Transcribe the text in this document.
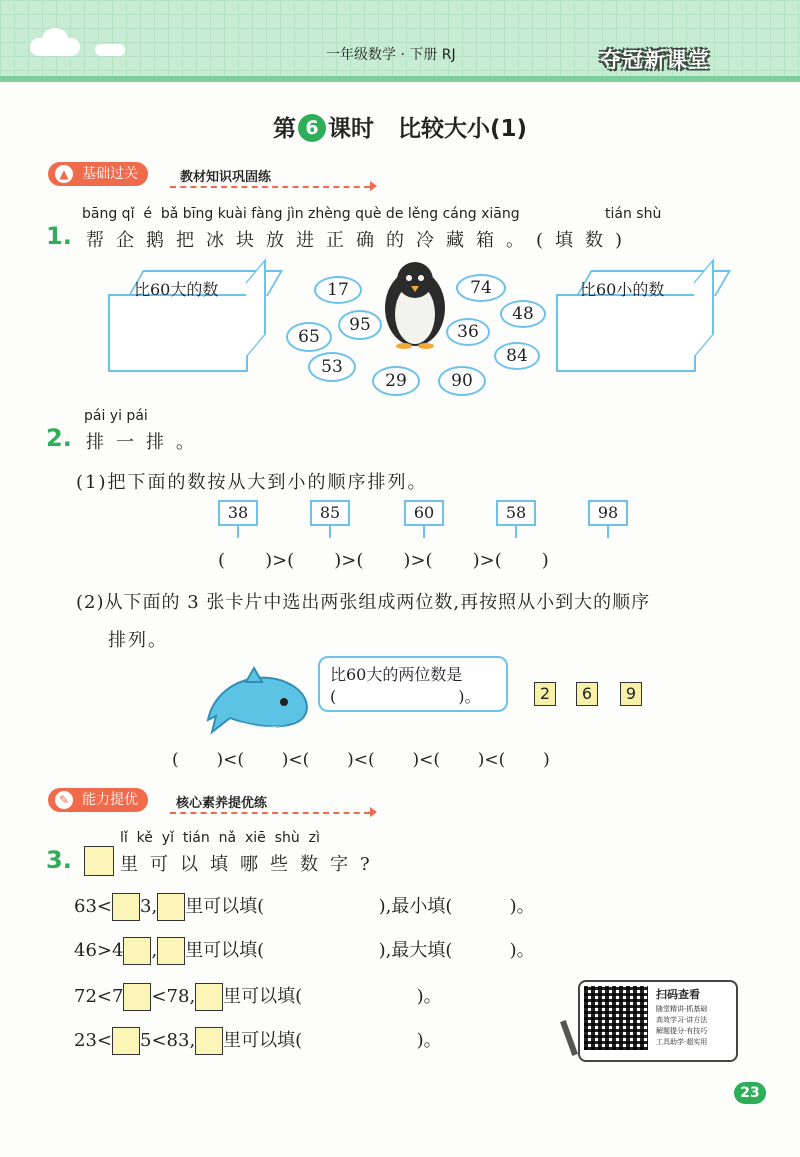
一年级数学 · 下册 RJ	夺冠新课堂
第 6 课时 比较大小(1)
▲ 基础过关	教材知识巩固练
bāng qǐ  é  bǎ bīng kuài fàng jìn zhèng què de lěng cáng xiāng	tián shù
1. 帮企鹅把冰块放进正确的冷藏箱。(填数)
比60大的数	比60小的数
17	74
48
65
95	36
84
53
29	90
pái yi pái
2. 排一排。
(1)把下面的数按从大到小的顺序排列。
38	85	60	58	98
(       )>(       )>(       )>(       )>(       )
(2)从下面的 3 张卡片中选出两张组成两位数,再按照从小到大的顺序
排列。
比60大的两位数是
(                        )。	2	6	9
(       )<(       )<(       )<(       )<(       )<(       )
✎ 能力提优	核心素养提优练
lǐ  kě  yǐ  tián  nǎ  xiē  shù  zì
3.	里可以填哪些数字?
63< 3, 里可以填(                    ),最小填(          )。
46>4 , 里可以填(                    ),最大填(          )。
72<7 <78, 里可以填(                    )。
23< 5<83, 里可以填(                    )。
扫码查看
随堂精讲·抓基础
高效学习·讲方法
解题提分·有技巧
工具助学·超实用
23
